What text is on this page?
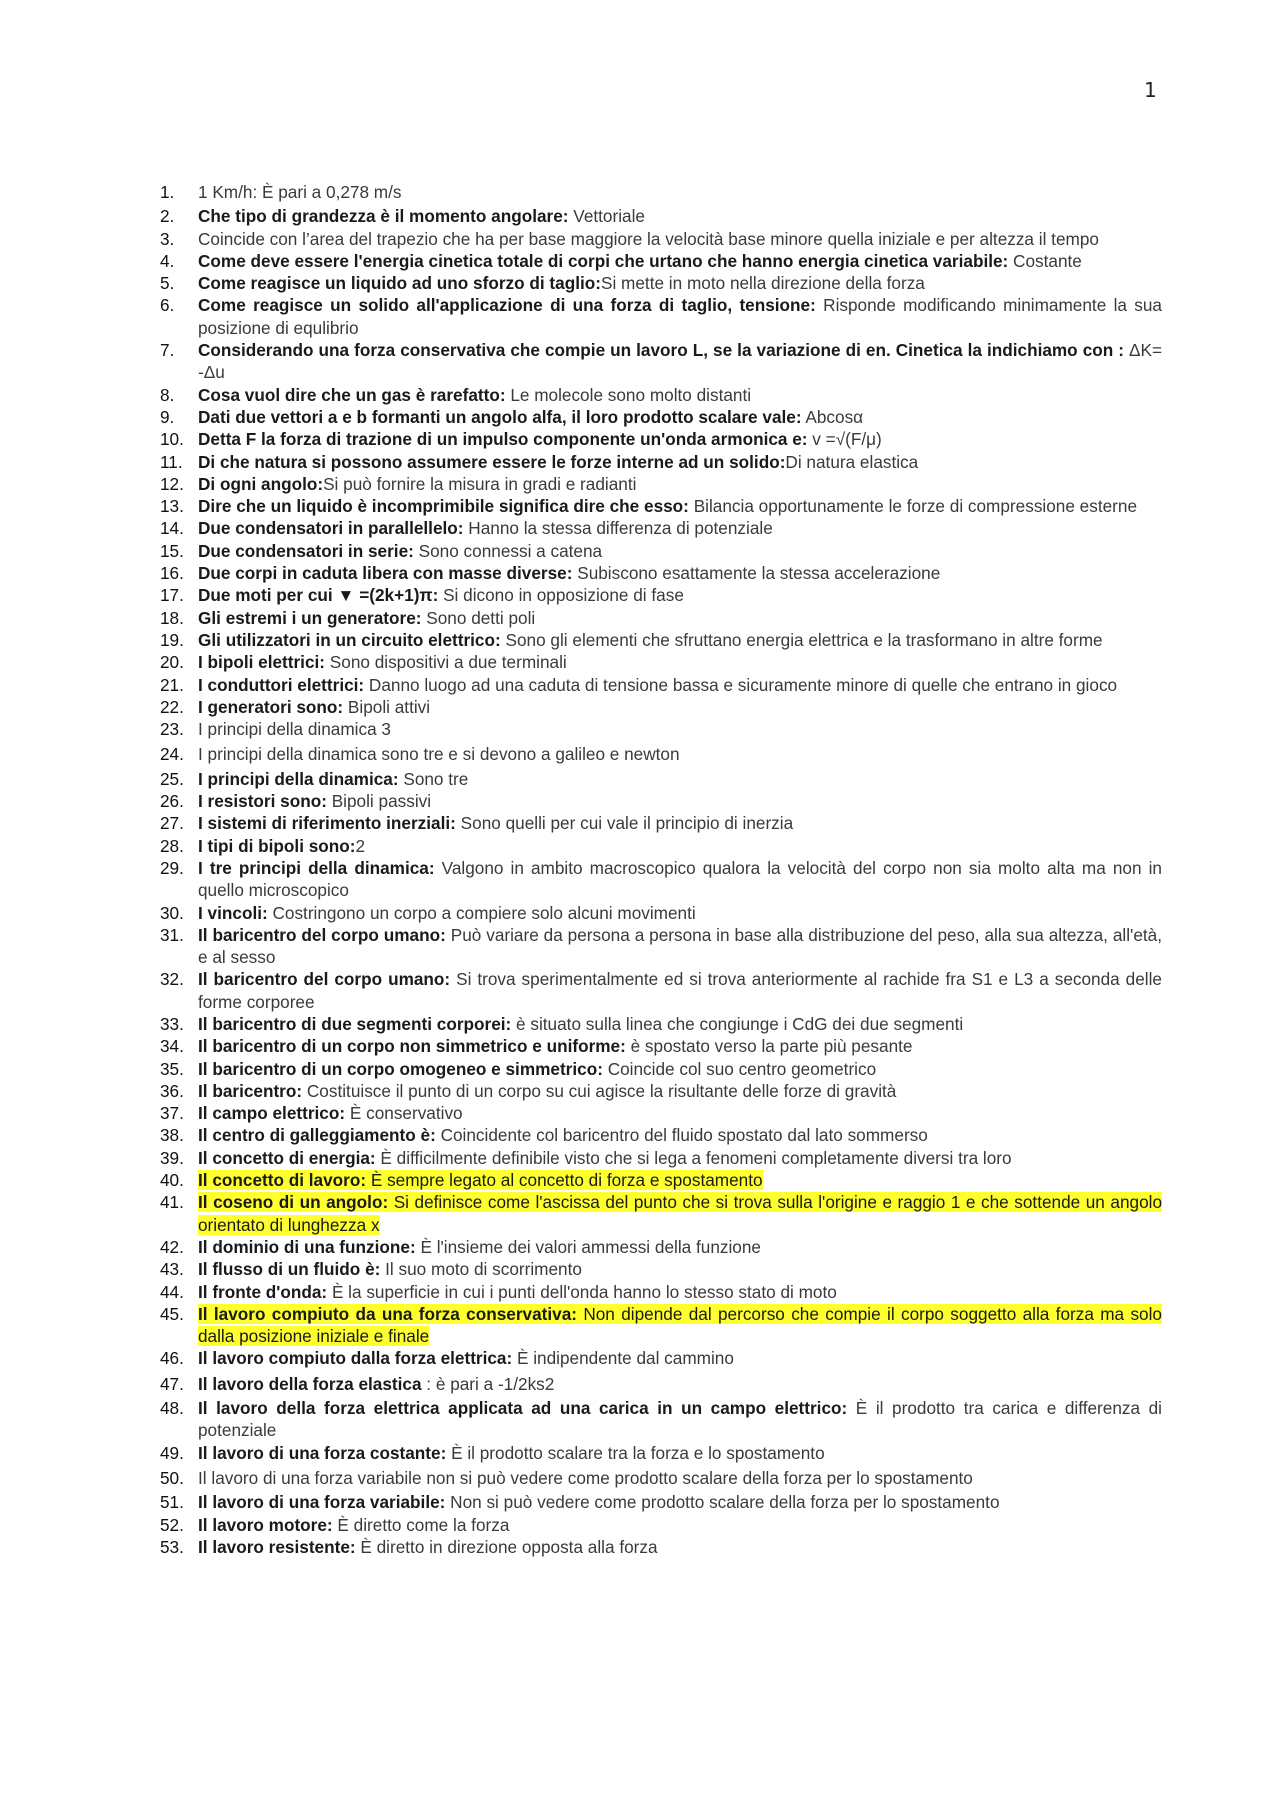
1
1.	1 Km/h: È pari a 0,278 m/s
2.	Che tipo di grandezza è il momento angolare: Vettoriale
3.	Coincide con l’area del trapezio che ha per base maggiore la velocità base minore quella iniziale e per altezza il tempo
4.	Come deve essere l'energia cinetica totale di corpi che urtano che hanno energia cinetica variabile: Costante
5.	Come reagisce un liquido ad uno sforzo di taglio:Si mette in moto nella direzione della forza
6.	Come reagisce un solido all'applicazione di una forza di taglio, tensione: Risponde modificando minimamente la sua posizione di equlibrio
7.	Considerando una forza conservativa che compie un lavoro L, se la variazione di en. Cinetica la indichiamo con : ΔK= -Δu
8.	Cosa vuol dire che un gas è rarefatto: Le molecole sono molto distanti
9.	Dati due vettori a e b formanti un angolo alfa, il loro prodotto scalare vale: Abcosα
10. Detta F la forza di trazione di un impulso componente un'onda armonica e: v =√(F/μ)
11. Di che natura si possono assumere essere le forze interne ad un solido:Di natura elastica
12. Di ogni angolo:Si può fornire la misura in gradi e radianti
13. Dire che un liquido è incomprimibile significa dire che esso: Bilancia opportunamente le forze di compressione esterne
14. Due condensatori in parallellelo: Hanno la stessa differenza di potenziale
15. Due condensatori in serie: Sono connessi a catena
16. Due corpi in caduta libera con masse diverse: Subiscono esattamente la stessa accelerazione
17. Due moti per cui ▼ =(2k+1)π: Si dicono in opposizione di fase
18. Gli estremi i un generatore: Sono detti poli
19. Gli utilizzatori in un circuito elettrico: Sono gli elementi che sfruttano energia elettrica e la trasformano in altre forme
20. I bipoli elettrici: Sono dispositivi a due terminali
21. I conduttori elettrici: Danno luogo ad una caduta di tensione bassa e sicuramente minore di quelle che entrano in gioco
22. I generatori sono: Bipoli attivi
23. I principi della dinamica 3
24. I principi della dinamica sono tre e si devono a galileo e newton
25. I principi della dinamica: Sono tre
26. I resistori sono: Bipoli passivi
27. I sistemi di riferimento inerziali: Sono quelli per cui vale il principio di inerzia
28. I tipi di bipoli sono:2
29. I tre principi della dinamica: Valgono in ambito macroscopico qualora la velocità del corpo non sia molto alta ma non in quello microscopico
30. I vincoli: Costringono un corpo a compiere solo alcuni movimenti
31. Il baricentro del corpo umano: Può variare da persona a persona in base alla distribuzione del peso, alla sua altezza, all'età, e al sesso
32. Il baricentro del corpo umano: Si trova sperimentalmente ed si trova anteriormente al rachide fra S1 e L3 a seconda delle forme corporee
33. Il baricentro di due segmenti corporei: è situato sulla linea che congiunge i CdG dei due segmenti
34. Il baricentro di un corpo non simmetrico e uniforme: è spostato verso la parte più pesante
35. Il baricentro di un corpo omogeneo e simmetrico: Coincide col suo centro geometrico
36. Il baricentro: Costituisce il punto di un corpo su cui agisce la risultante delle forze di gravità
37. Il campo elettrico: È conservativo
38. Il centro di galleggiamento è: Coincidente col baricentro del fluido spostato dal lato sommerso
39. Il concetto di energia: È difficilmente definibile visto che si lega a fenomeni completamente diversi tra loro
40. Il concetto di lavoro: È sempre legato al concetto di forza e spostamento
41. Il coseno di un angolo: Si definisce come l'ascissa del punto che si trova sulla l'origine e raggio 1 e che sottende un angolo orientato di lunghezza x
42. Il dominio di una funzione: È l'insieme dei valori ammessi della funzione
43. Il flusso di un fluido è: Il suo moto di scorrimento
44. Il fronte d'onda: È la superficie in cui i punti dell'onda hanno lo stesso stato di moto
45. Il lavoro compiuto da una forza conservativa: Non dipende dal percorso che compie il corpo soggetto alla forza ma solo dalla posizione iniziale e finale
46. Il lavoro compiuto dalla forza elettrica: È indipendente dal cammino
47. Il lavoro della forza elastica : è pari a -1/2ks2
48. Il lavoro della forza elettrica applicata ad una carica in un campo elettrico: È il prodotto tra carica e differenza di potenziale
49. Il lavoro di una forza costante: È il prodotto scalare tra la forza e lo spostamento
50. Il lavoro di una forza variabile non si può vedere come prodotto scalare della forza per lo spostamento
51. Il lavoro di una forza variabile: Non si può vedere come prodotto scalare della forza per lo spostamento
52. Il lavoro motore: È diretto come la forza
53. Il lavoro resistente: È diretto in direzione opposta alla forza
